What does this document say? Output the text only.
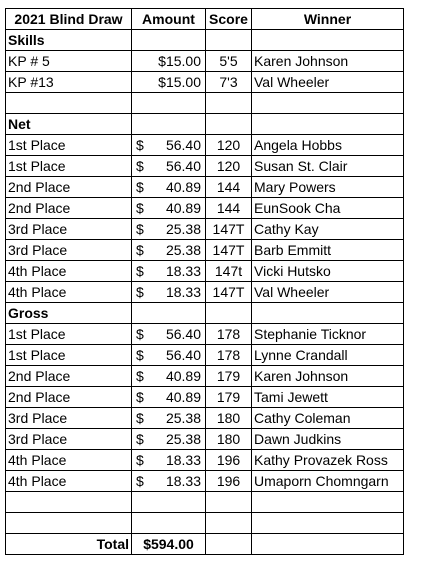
2021 Blind Draw	Amount	Score	Winner
Skills			
KP # 5	$15.00	5'5	Karen Johnson
KP #13	$15.00	7'3	Val Wheeler

Net			
1st Place	$ 56.40	120	Angela Hobbs
1st Place	$ 56.40	120	Susan St. Clair
2nd Place	$ 40.89	144	Mary Powers
2nd Place	$ 40.89	144	EunSook Cha
3rd Place	$ 25.38	147T	Cathy Kay
3rd Place	$ 25.38	147T	Barb Emmitt
4th Place	$ 18.33	147t	Vicki Hutsko
4th Place	$ 18.33	147T	Val Wheeler
Gross			
1st Place	$ 56.40	178	Stephanie Ticknor
1st Place	$ 56.40	178	Lynne Crandall
2nd Place	$ 40.89	179	Karen Johnson
2nd Place	$ 40.89	179	Tami Jewett
3rd Place	$ 25.38	180	Cathy Coleman
3rd Place	$ 25.38	180	Dawn Judkins
4th Place	$ 18.33	196	Kathy Provazek Ross
4th Place	$ 18.33	196	Umaporn Chomngarn

Total	$594.00		
